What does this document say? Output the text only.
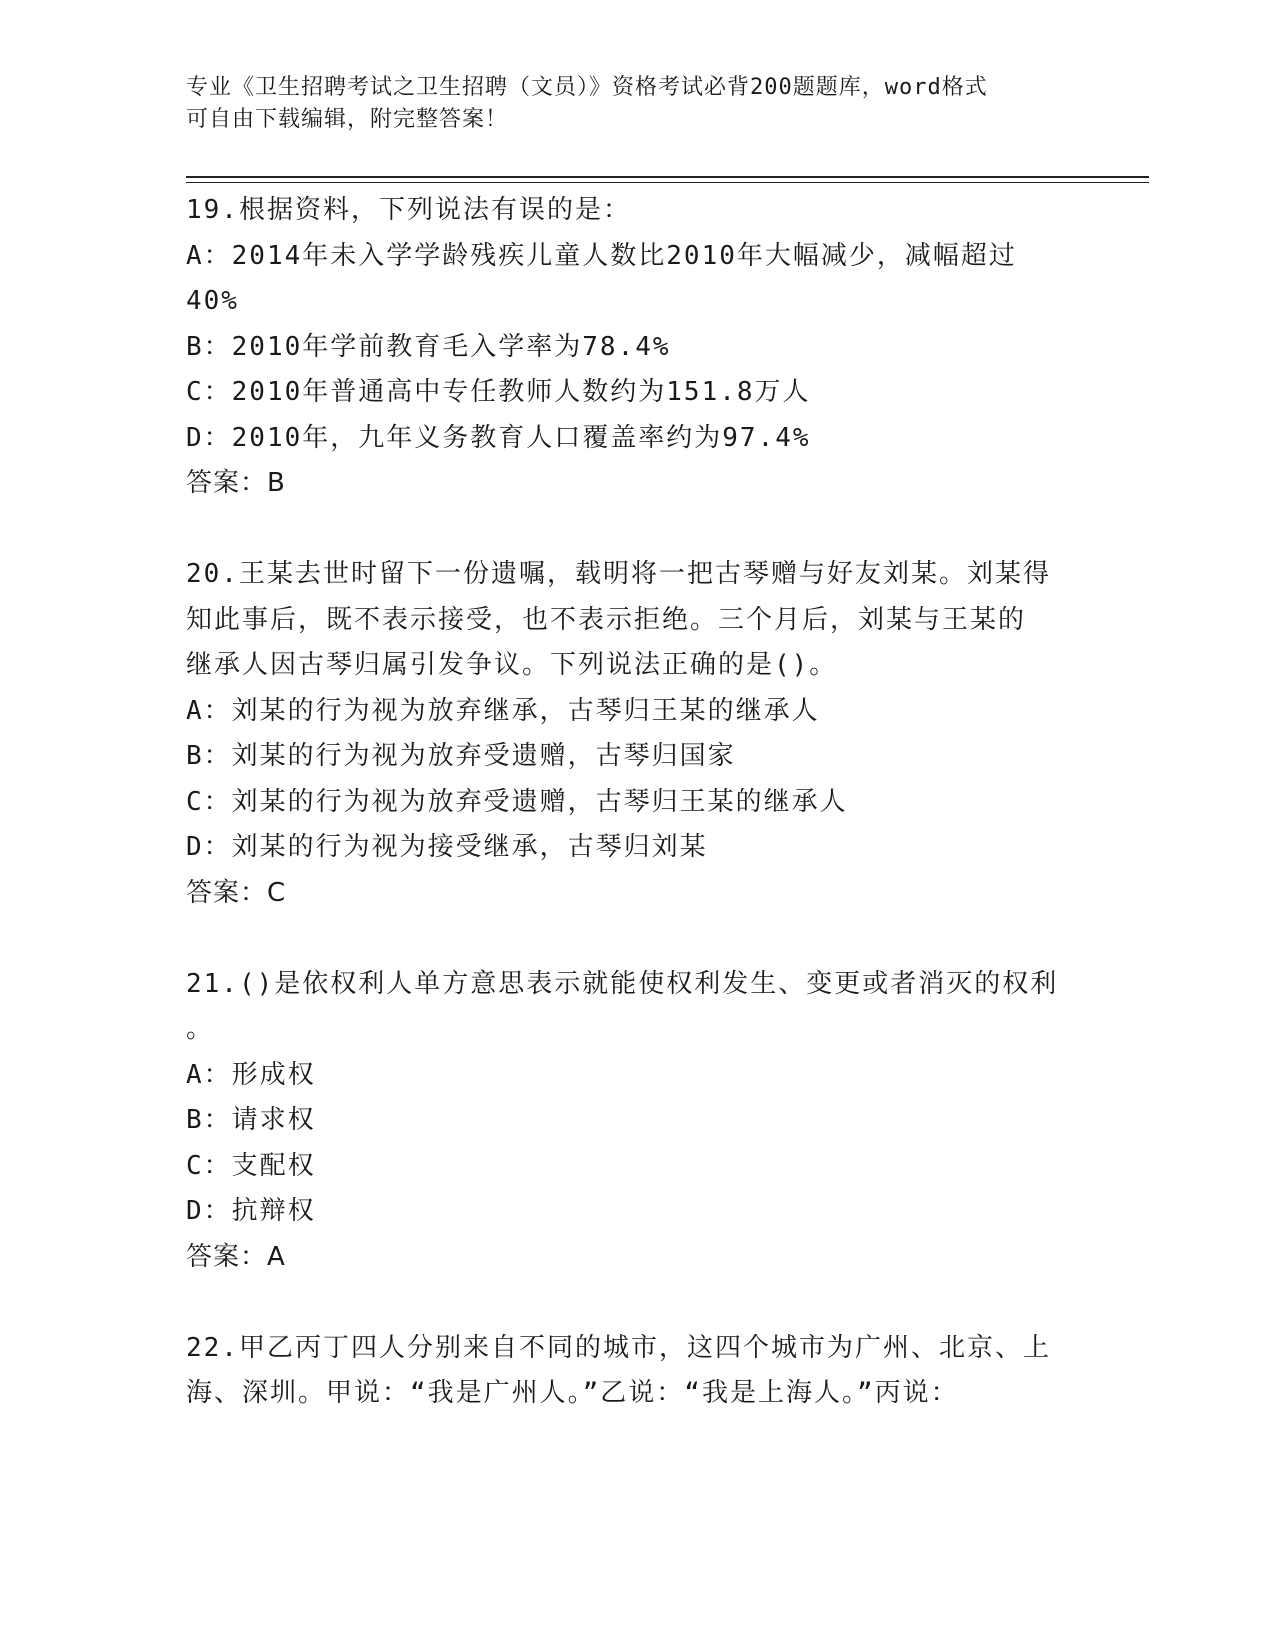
专业《卫生招聘考试之卫生招聘（文员）》资格考试必背200题题库，word格式
可自由下载编辑，附完整答案！
19.根据资料，下列说法有误的是：
A：2014年未入学学龄残疾儿童人数比2010年大幅减少，减幅超过
40%
B：2010年学前教育毛入学率为78.4%
C：2010年普通高中专任教师人数约为151.8万人
D：2010年，九年义务教育人口覆盖率约为97.4%
答案：B
20.王某去世时留下一份遗嘱，载明将一把古琴赠与好友刘某。刘某得
知此事后，既不表示接受，也不表示拒绝。三个月后，刘某与王某的
继承人因古琴归属引发争议。下列说法正确的是()。
A：刘某的行为视为放弃继承，古琴归王某的继承人
B：刘某的行为视为放弃受遗赠，古琴归国家
C：刘某的行为视为放弃受遗赠，古琴归王某的继承人
D：刘某的行为视为接受继承，古琴归刘某
答案：C
21.()是依权利人单方意思表示就能使权利发生、变更或者消灭的权利
。
A：形成权
B：请求权
C：支配权
D：抗辩权
答案：A
22.甲乙丙丁四人分别来自不同的城市，这四个城市为广州、北京、上
海、深圳。甲说：“我是广州人。”乙说：“我是上海人。”丙说：
